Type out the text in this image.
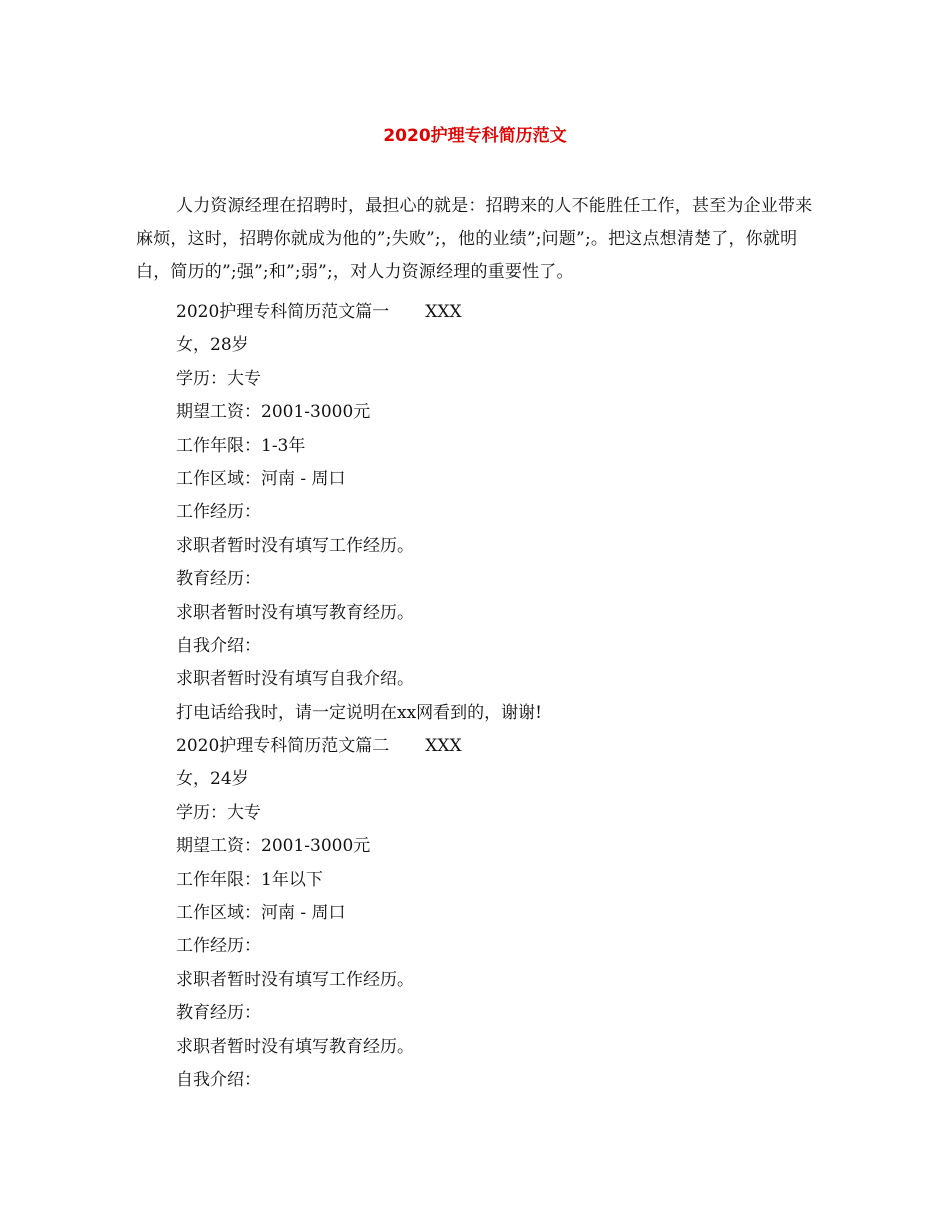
2020护理专科简历范文
人力资源经理在招聘时，最担心的就是：招聘来的人不能胜任工作，甚至为企业带来麻烦，这时，招聘你就成为他的”;失败”;，他的业绩”;问题”;。把这点想清楚了，你就明白，简历的”;强”;和”;弱”;，对人力资源经理的重要性了。
2020护理专科简历范文篇一 XXX
女，28岁
学历：大专
期望工资：2001-3000元
工作年限：1-3年
工作区域：河南 - 周口
工作经历：
求职者暂时没有填写工作经历。
教育经历：
求职者暂时没有填写教育经历。
自我介绍：
求职者暂时没有填写自我介绍。
打电话给我时，请一定说明在xx网看到的，谢谢!
2020护理专科简历范文篇二 XXX
女，24岁
学历：大专
期望工资：2001-3000元
工作年限：1年以下
工作区域：河南 - 周口
工作经历：
求职者暂时没有填写工作经历。
教育经历：
求职者暂时没有填写教育经历。
自我介绍：
